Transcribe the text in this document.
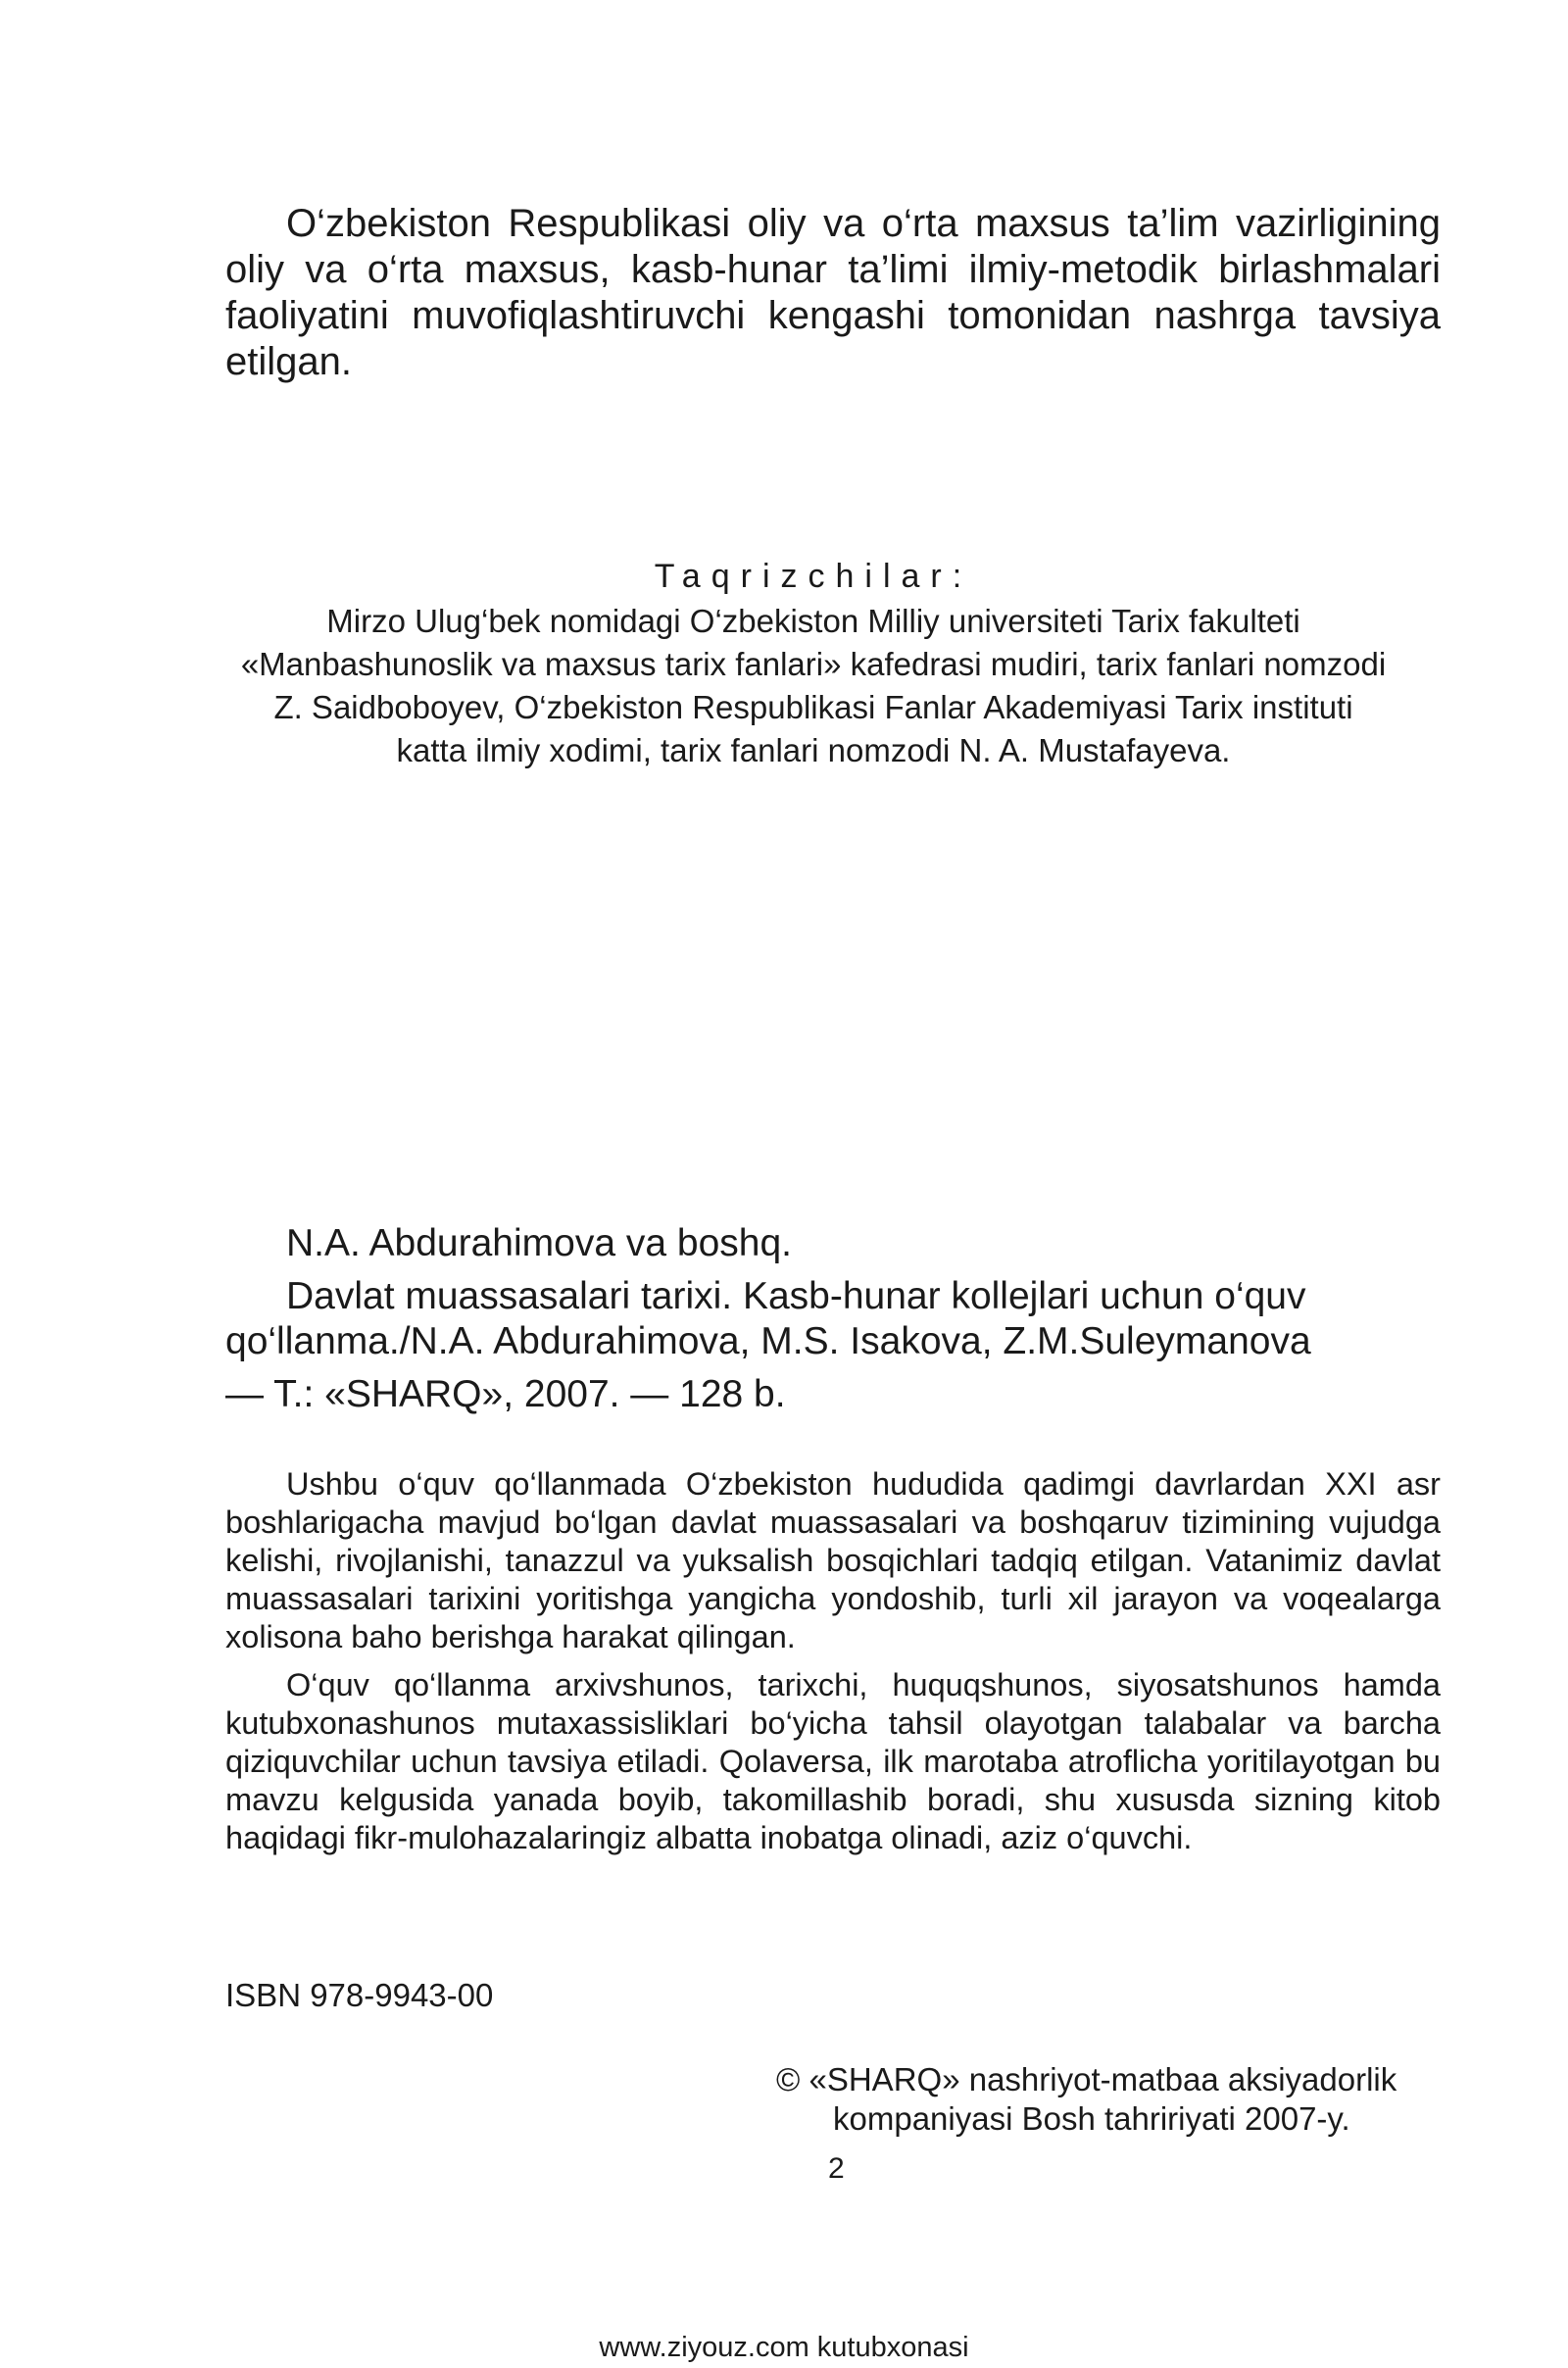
O‘zbekiston Respublikasi oliy va o‘rta maxsus ta’lim vazirligining oliy va o‘rta maxsus, kasb-hunar ta’limi ilmiy-metodik birlashmalari faoliyatini muvofiqlashtiruvchi kengashi tomonidan nashrga tavsiya etilgan.

Taqrizchilar:

Mirzo Ulug‘bek nomidagi O‘zbekiston Milliy universiteti Tarix fakulteti «Manbashunoslik va maxsus tarix fanlari» kafedrasi mudiri, tarix fanlari nomzodi Z. Saidboboyev, O‘zbekiston Respublikasi Fanlar Akademiyasi Tarix instituti katta ilmiy xodimi, tarix fanlari nomzodi N. A. Mustafayeva.

N.A. Abdurahimova va boshq.

Davlat muassasalari tarixi. Kasb-hunar kollejlari uchun o‘quv

qo‘llanma./N.A. Abdurahimova, M.S. Isakova, Z.M.Suleymanova

— T.: «SHARQ», 2007. — 128 b.

Ushbu o‘quv qo‘llanmada O‘zbekiston hududida qadimgi davrlardan XXI asr boshlarigacha mavjud bo‘lgan davlat muassasalari va boshqaruv tizimining vujudga kelishi, rivojlanishi, tanazzul va yuksalish bosqichlari tadqiq etilgan. Vatanimiz davlat muassasalari tarixini yoritishga yangicha yondoshib, turli xil jarayon va voqealarga xolisona baho berishga harakat qilingan.

O‘quv qo‘llanma arxivshunos, tarixchi, huquqshunos, siyosatshunos hamda kutubxonashunos mutaxassisliklari bo‘yicha tahsil olayotgan talabalar va barcha qiziquvchilar uchun tavsiya etiladi. Qolaversa, ilk marotaba atroflicha yoritilayotgan bu mavzu kelgusida yanada boyib, takomillashib boradi, shu xususda sizning kitob haqidagi fikr-mulohazalaringiz albatta inobatga olinadi, aziz o‘quvchi.

ISBN 978-9943-00

© «SHARQ» nashriyot-matbaa aksiyadorlik
kompaniyasi Bosh tahririyati 2007-y.

2

www.ziyouz.com kutubxonasi
